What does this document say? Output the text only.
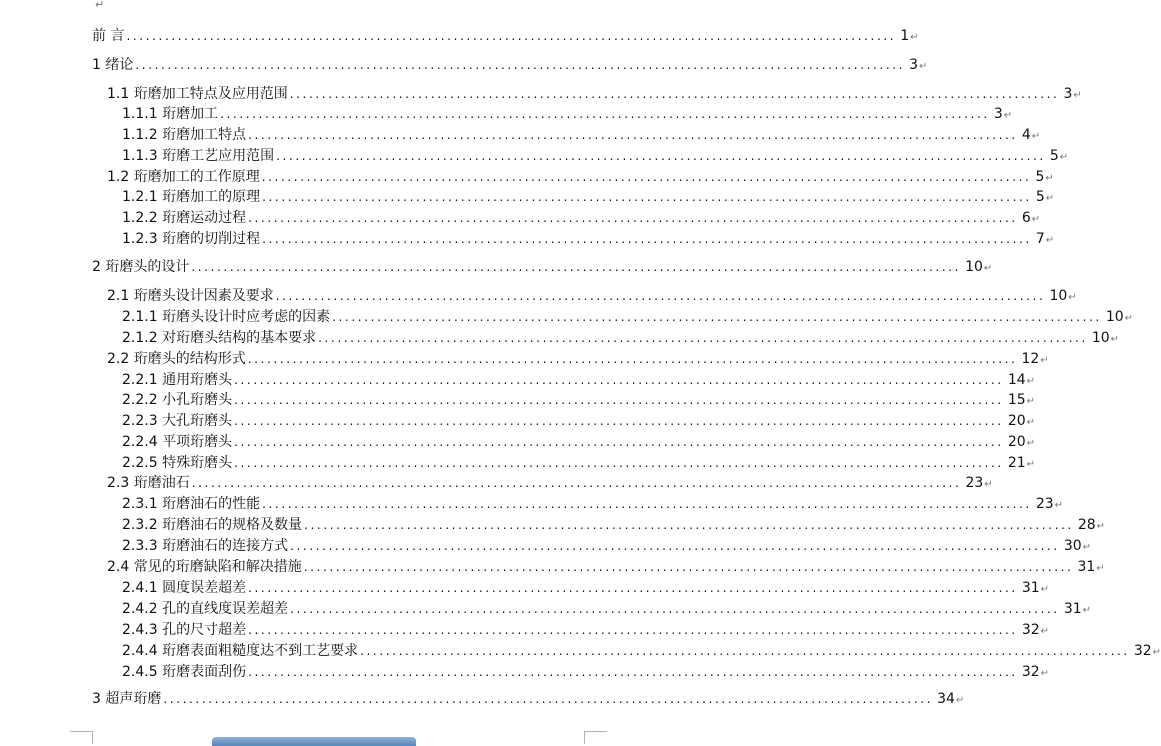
↵
前 言 ........................................................................................................................ 1 ↵
1 绪论 ........................................................................................................................ 3 ↵
1.1 珩磨加工特点及应用范围 ........................................................................................................................ 3 ↵
1.1.1 珩磨加工 ........................................................................................................................ 3 ↵
1.1.2 珩磨加工特点 ........................................................................................................................ 4 ↵
1.1.3 珩磨工艺应用范围 ........................................................................................................................ 5 ↵
1.2 珩磨加工的工作原理 ........................................................................................................................ 5 ↵
1.2.1 珩磨加工的原理 ........................................................................................................................ 5 ↵
1.2.2 珩磨运动过程 ........................................................................................................................ 6 ↵
1.2.3 珩磨的切削过程 ........................................................................................................................ 7 ↵
2 珩磨头的设计 ........................................................................................................................ 10 ↵
2.1 珩磨头设计因素及要求 ........................................................................................................................ 10 ↵
2.1.1 珩磨头设计时应考虑的因素 ........................................................................................................................ 10 ↵
2.1.2 对珩磨头结构的基本要求 ........................................................................................................................ 10 ↵
2.2 珩磨头的结构形式 ........................................................................................................................ 12 ↵
2.2.1 通用珩磨头 ........................................................................................................................ 14 ↵
2.2.2 小孔珩磨头 ........................................................................................................................ 15 ↵
2.2.3 大孔珩磨头 ........................................................................................................................ 20 ↵
2.2.4 平项珩磨头 ........................................................................................................................ 20 ↵
2.2.5 特殊珩磨头 ........................................................................................................................ 21 ↵
2.3 珩磨油石 ........................................................................................................................ 23 ↵
2.3.1 珩磨油石的性能 ........................................................................................................................ 23 ↵
2.3.2 珩磨油石的规格及数量 ........................................................................................................................ 28 ↵
2.3.3 珩磨油石的连接方式 ........................................................................................................................ 30 ↵
2.4 常见的珩磨缺陷和解决措施 ........................................................................................................................ 31 ↵
2.4.1 圆度误差超差 ........................................................................................................................ 31 ↵
2.4.2 孔的直线度误差超差 ........................................................................................................................ 31 ↵
2.4.3 孔的尺寸超差 ........................................................................................................................ 32 ↵
2.4.4 珩磨表面粗糙度达不到工艺要求 ........................................................................................................................ 32 ↵
2.4.5 珩磨表面刮伤 ........................................................................................................................ 32 ↵
3 超声珩磨 ........................................................................................................................ 34 ↵
